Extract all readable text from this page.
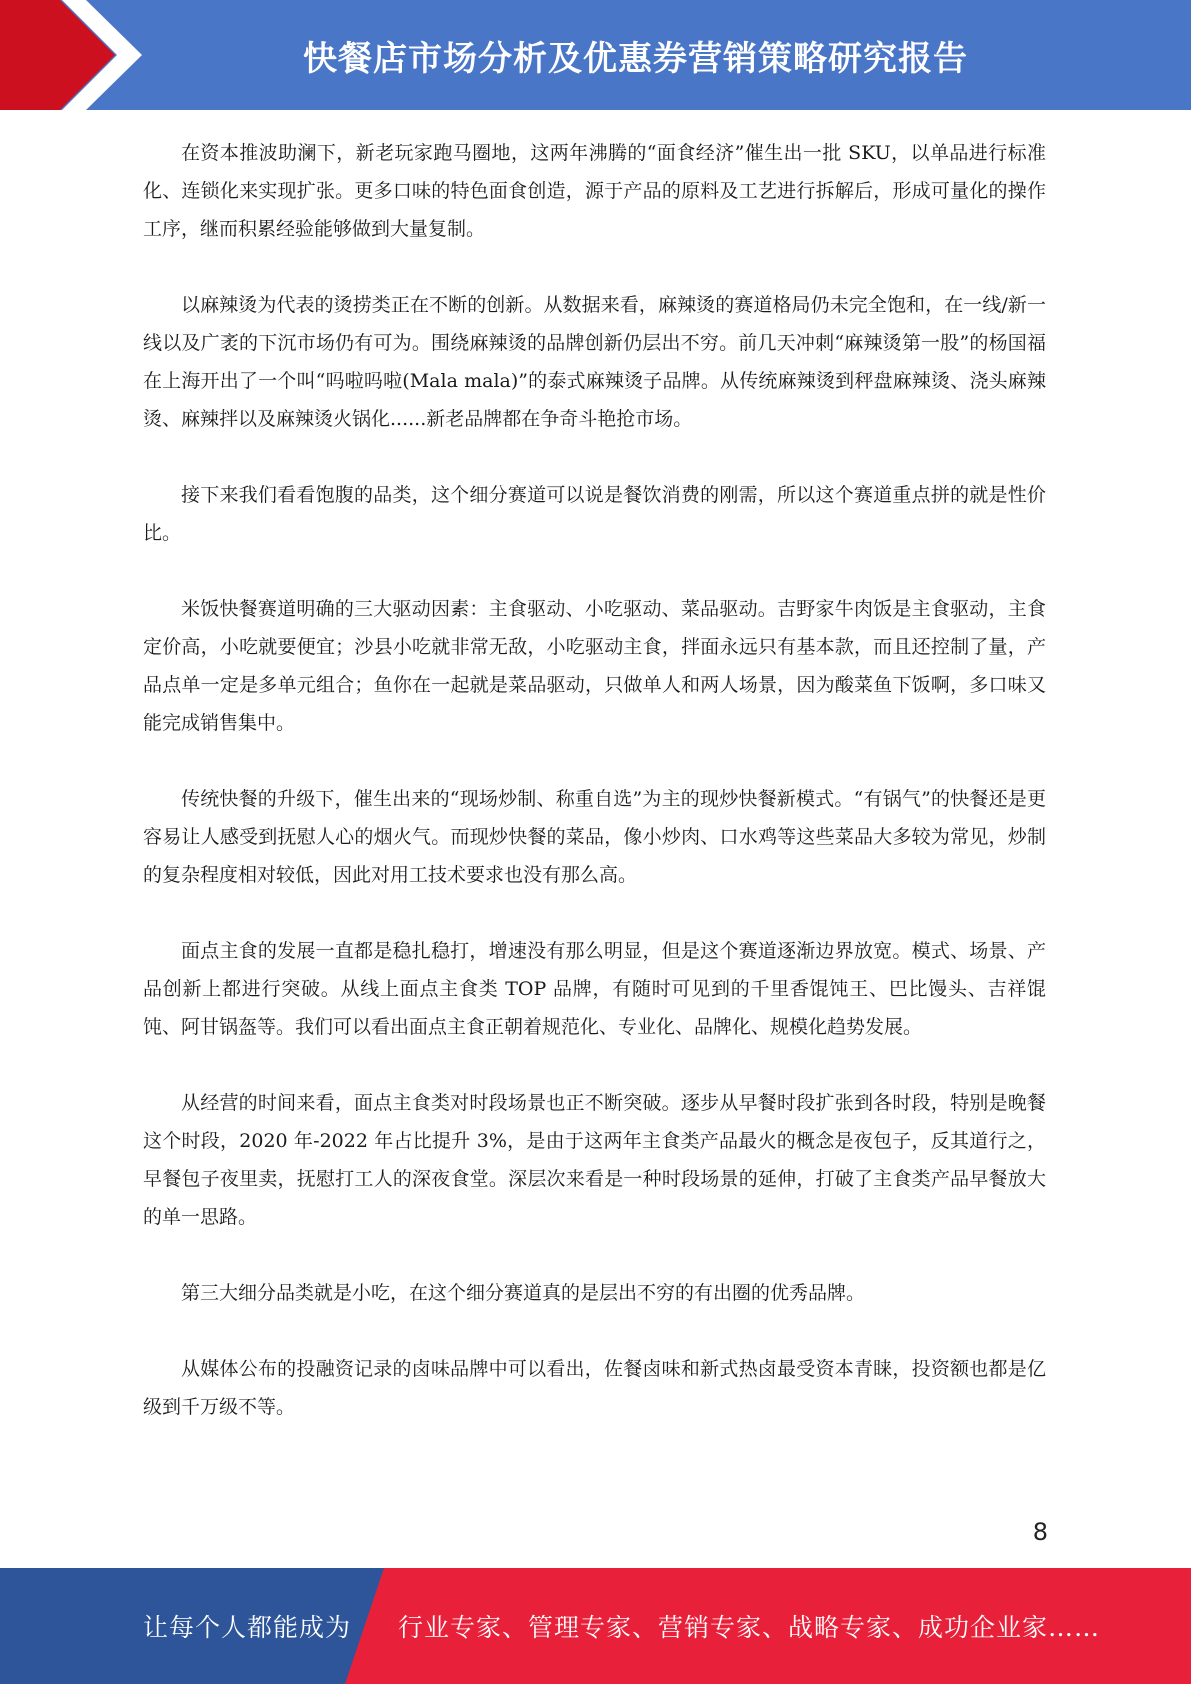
快餐店市场分析及优惠券营销策略研究报告

在资本推波助澜下，新老玩家跑马圈地，这两年沸腾的“面食经济”催生出一批 SKU，以单品进行标准化、连锁化来实现扩张。更多口味的特色面食创造，源于产品的原料及工艺进行拆解后，形成可量化的操作工序，继而积累经验能够做到大量复制。

以麻辣烫为代表的烫捞类正在不断的创新。从数据来看，麻辣烫的赛道格局仍未完全饱和，在一线/新一线以及广袤的下沉市场仍有可为。围绕麻辣烫的品牌创新仍层出不穷。前几天冲刺“麻辣烫第一股”的杨国福在上海开出了一个叫“吗啦吗啦(Mala mala)”的泰式麻辣烫子品牌。从传统麻辣烫到秤盘麻辣烫、浇头麻辣烫、麻辣拌以及麻辣烫火锅化......新老品牌都在争奇斗艳抢市场。

接下来我们看看饱腹的品类，这个细分赛道可以说是餐饮消费的刚需，所以这个赛道重点拼的就是性价比。

米饭快餐赛道明确的三大驱动因素：主食驱动、小吃驱动、菜品驱动。吉野家牛肉饭是主食驱动，主食定价高，小吃就要便宜；沙县小吃就非常无敌，小吃驱动主食，拌面永远只有基本款，而且还控制了量，产品点单一定是多单元组合；鱼你在一起就是菜品驱动，只做单人和两人场景，因为酸菜鱼下饭啊，多口味又能完成销售集中。

传统快餐的升级下，催生出来的“现场炒制、称重自选”为主的现炒快餐新模式。“有锅气”的快餐还是更容易让人感受到抚慰人心的烟火气。而现炒快餐的菜品，像小炒肉、口水鸡等这些菜品大多较为常见，炒制的复杂程度相对较低，因此对用工技术要求也没有那么高。

面点主食的发展一直都是稳扎稳打，增速没有那么明显，但是这个赛道逐渐边界放宽。模式、场景、产品创新上都进行突破。从线上面点主食类 TOP 品牌，有随时可见到的千里香馄饨王、巴比馒头、吉祥馄饨、阿甘锅盔等。我们可以看出面点主食正朝着规范化、专业化、品牌化、规模化趋势发展。

从经营的时间来看，面点主食类对时段场景也正不断突破。逐步从早餐时段扩张到各时段，特别是晚餐这个时段，2020 年-2022 年占比提升 3%，是由于这两年主食类产品最火的概念是夜包子，反其道行之，早餐包子夜里卖，抚慰打工人的深夜食堂。深层次来看是一种时段场景的延伸，打破了主食类产品早餐放大的单一思路。

第三大细分品类就是小吃，在这个细分赛道真的是层出不穷的有出圈的优秀品牌。

从媒体公布的投融资记录的卤味品牌中可以看出，佐餐卤味和新式热卤最受资本青睐，投资额也都是亿级到千万级不等。

8
让每个人都能成为 行业专家、管理专家、营销专家、战略专家、成功企业家……
